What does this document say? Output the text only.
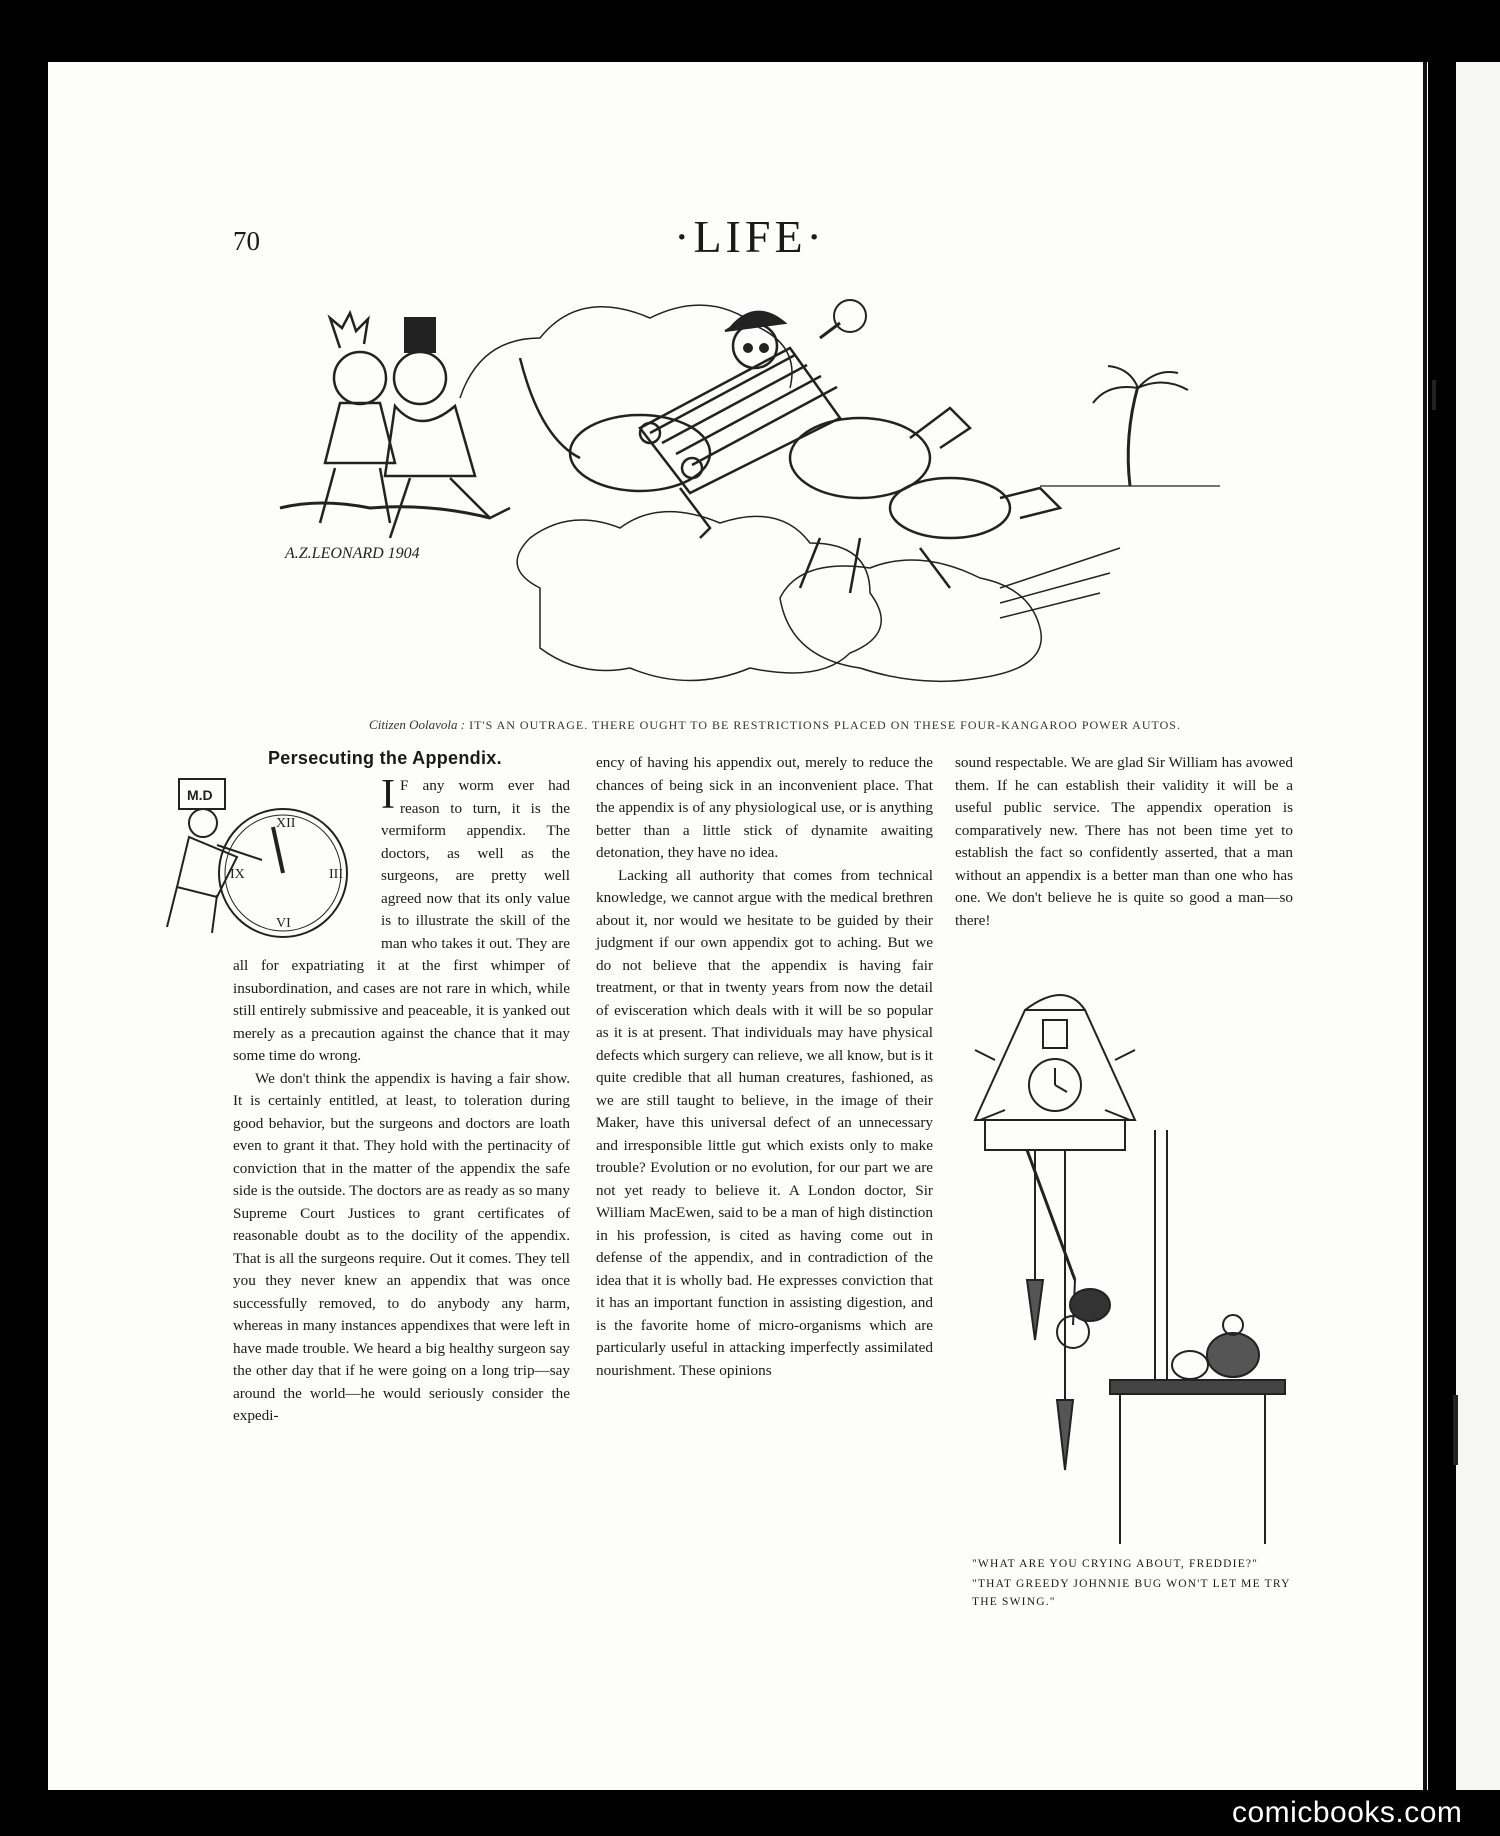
70	·LIFE·
A.Z.LEONARD 1904
Citizen Oolavola : IT'S AN OUTRAGE. THERE OUGHT TO BE RESTRICTIONS PLACED ON THESE FOUR-KANGAROO POWER AUTOS.
Persecuting the Appendix.
XII
III
VI
IX
M.D	I F any worm ever had reason to turn, it is the vermiform appendix. The doctors, as well as the surgeons, are pretty well agreed now that its only value is to illustrate the skill of the man who takes it out. They are all for expatriating it at the first whimper of insubordination, and cases are not rare in which, while still entirely submissive and peaceable, it is yanked out merely as a precaution against the chance that it may some time do wrong.

We don't think the appendix is having a fair show. It is certainly entitled, at least, to toleration during good behavior, but the surgeons and doctors are loath even to grant it that. They hold with the pertinacity of conviction that in the matter of the appendix the safe side is the outside. The doctors are as ready as so many Supreme Court Justices to grant certificates of reasonable doubt as to the docility of the appendix. That is all the surgeons require. Out it comes. They tell you they never knew an appendix that was once successfully removed, to do anybody any harm, whereas in many instances appendixes that were left in have made trouble. We heard a big healthy surgeon say the other day that if he were going on a long trip—say around the world—he would seriously consider the expedi-

ency of having his appendix out, merely to reduce the chances of being sick in an inconvenient place. That the appendix is of any physiological use, or is anything better than a little stick of dynamite awaiting detonation, they have no idea.

Lacking all authority that comes from technical knowledge, we cannot argue with the medical brethren about it, nor would we hesitate to be guided by their judgment if our own appendix got to aching. But we do not believe that the appendix is having fair treatment, or that in twenty years from now the detail of evisceration which deals with it will be so popular as it is at present. That individuals may have physical defects which surgery can relieve, we all know, but is it quite credible that all human creatures, fashioned, as we are still taught to believe, in the image of their Maker, have this universal defect of an unnecessary and irresponsible little gut which exists only to make trouble? Evolution or no evolution, for our part we are not yet ready to believe it. A London doctor, Sir William MacEwen, said to be a man of high distinction in his profession, is cited as having come out in defense of the appendix, and in contradiction of the idea that it is wholly bad. He expresses conviction that it has an important function in assisting digestion, and is the favorite home of micro-organisms which are particularly useful in attacking imperfectly assimilated nourishment. These opinions

sound respectable. We are glad Sir William has avowed them. If he can establish their validity it will be a useful public service. The appendix operation is comparatively new. There has not been time yet to establish the fact so confidently asserted, that a man without an appendix is a better man than one who has one. We don't believe he is quite so good a man—so there!

"WHAT ARE YOU CRYING ABOUT, FREDDIE?"

"THAT GREEDY JOHNNIE BUG WON'T LET ME TRY THE SWING."

comicbooks.com
